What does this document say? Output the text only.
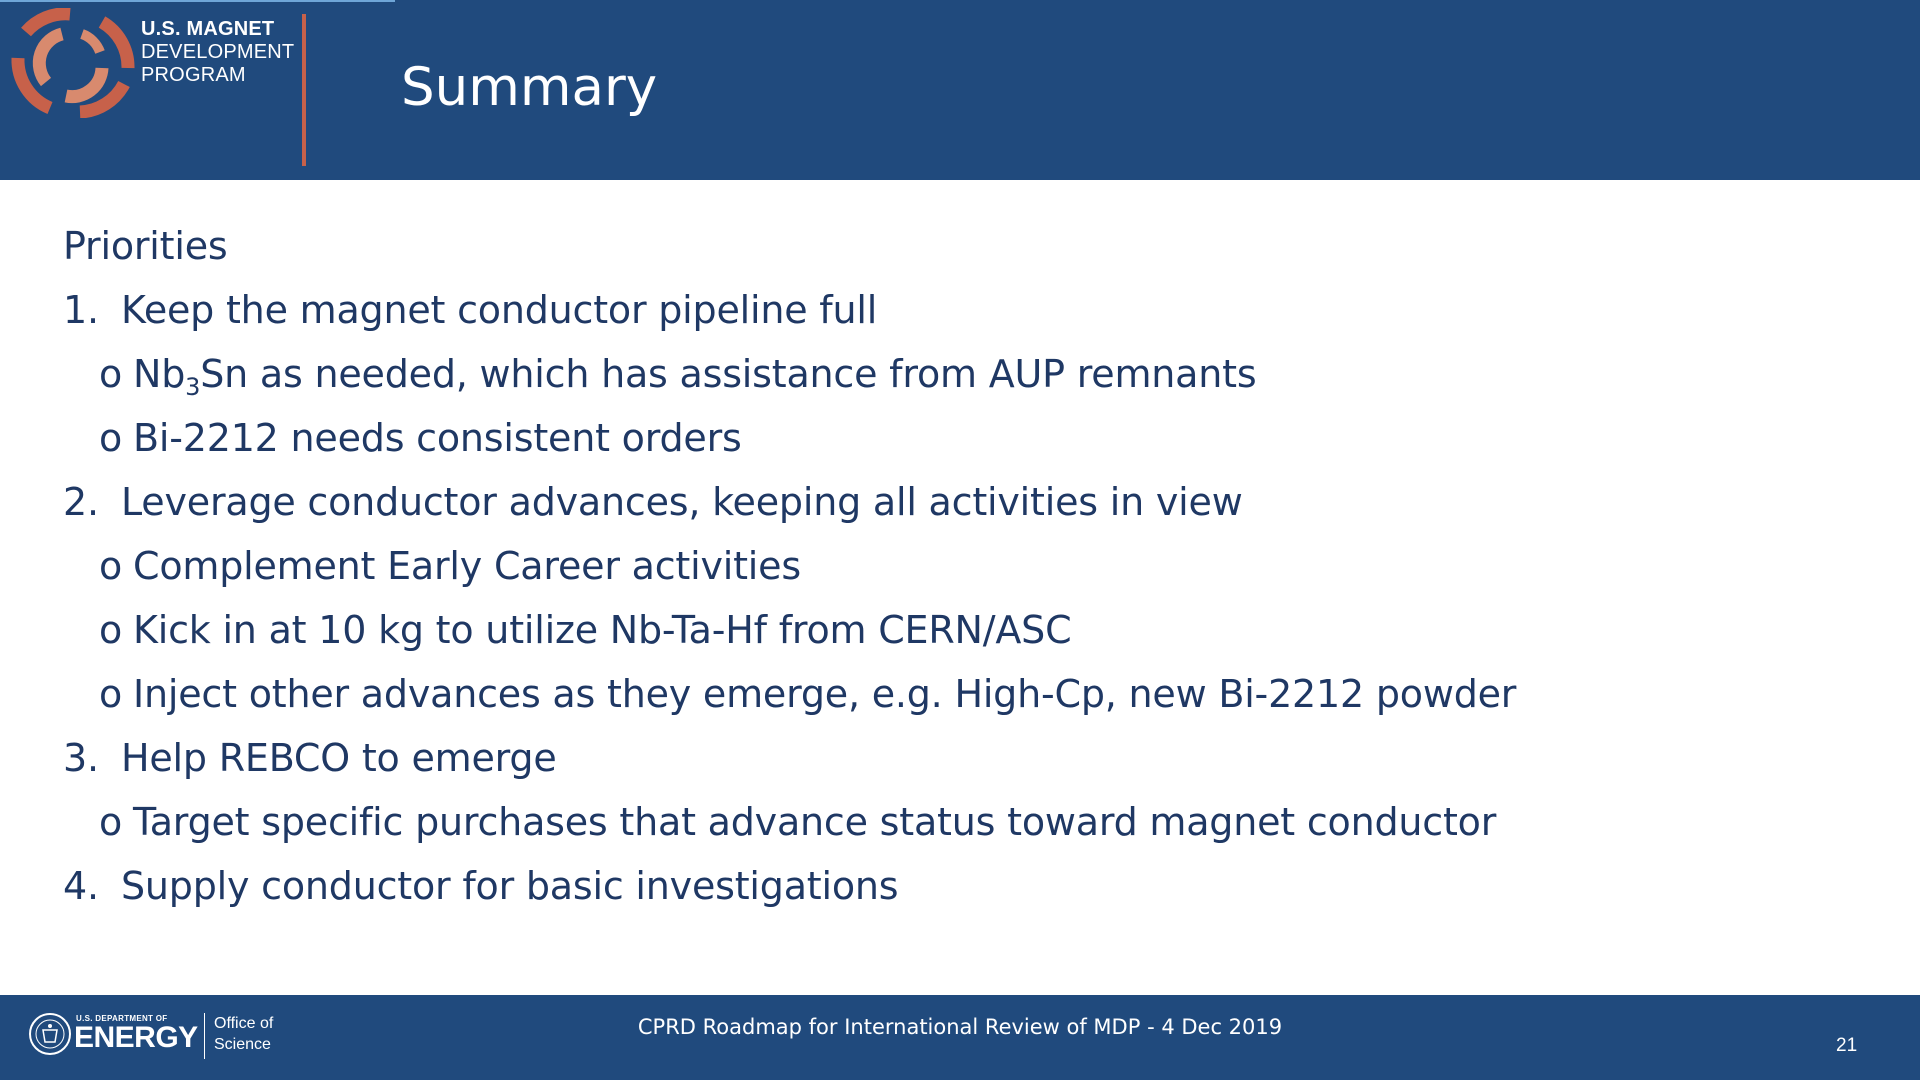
U.S. MAGNET
DEVELOPMENT
PROGRAM	Summary
Priorities
1. Keep the magnet conductor pipeline full
o $Nb_3Sn$ as needed, which has assistance from AUP remnants
o Bi-2212 needs consistent orders
2. Leverage conductor advances, keeping all activities in view
o Complement Early Career activities
o Kick in at 10 kg to utilize Nb-Ta-Hf from CERN/ASC
o Inject other advances as they emerge, e.g. High-Cp, new Bi-2212 powder
3. Help REBCO to emerge
o Target specific purchases that advance status toward magnet conductor
4. Supply conductor for basic investigations
U.S. DEPARTMENT OF
ENERGY Office of
Science
CPRD Roadmap for International Review of MDP - 4 Dec 2019
21
